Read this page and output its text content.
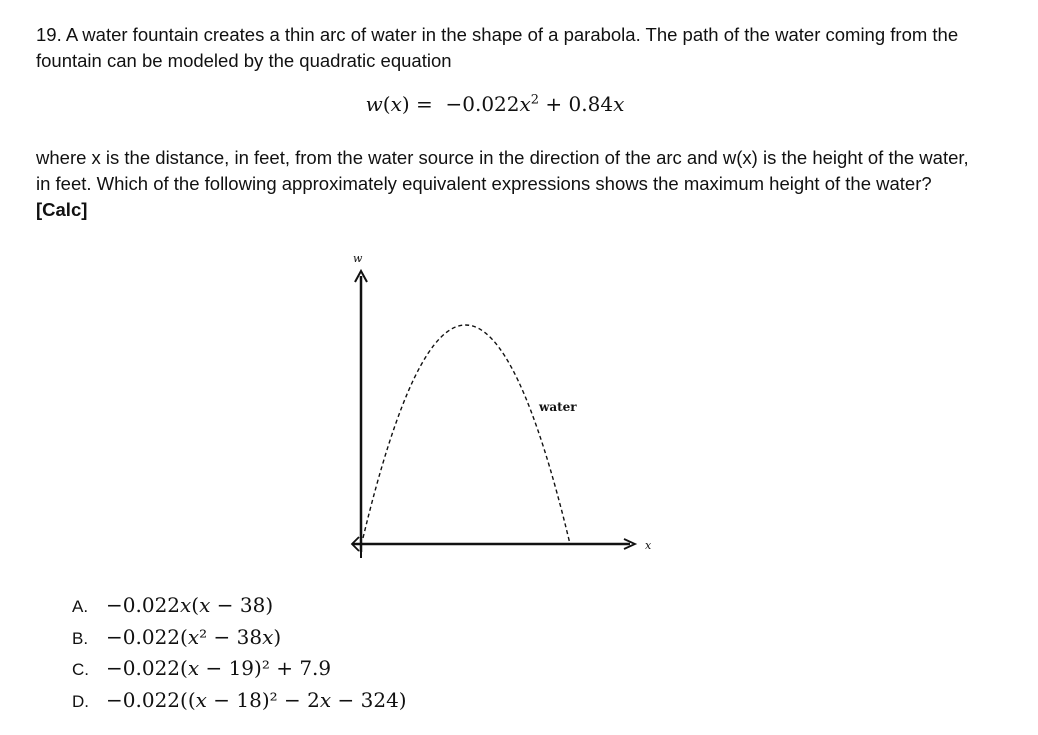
19. A water fountain creates a thin arc of water in the shape of a parabola. The path of the water coming from the fountain can be modeled by the quadratic equation

$w(x) = -0.022x^2 + 0.84x$

where x is the distance, in feet, from the water source in the direction of the arc and w(x) is the height of the water, in feet. Which of the following approximately equivalent expressions shows the maximum height of the water? [Calc]

w
x
water
A. −0.022x(x − 38)
B. −0.022(x² − 38x)
C. −0.022(x − 19)² + 7.9
D. −0.022((x − 18)² − 2x − 324)
